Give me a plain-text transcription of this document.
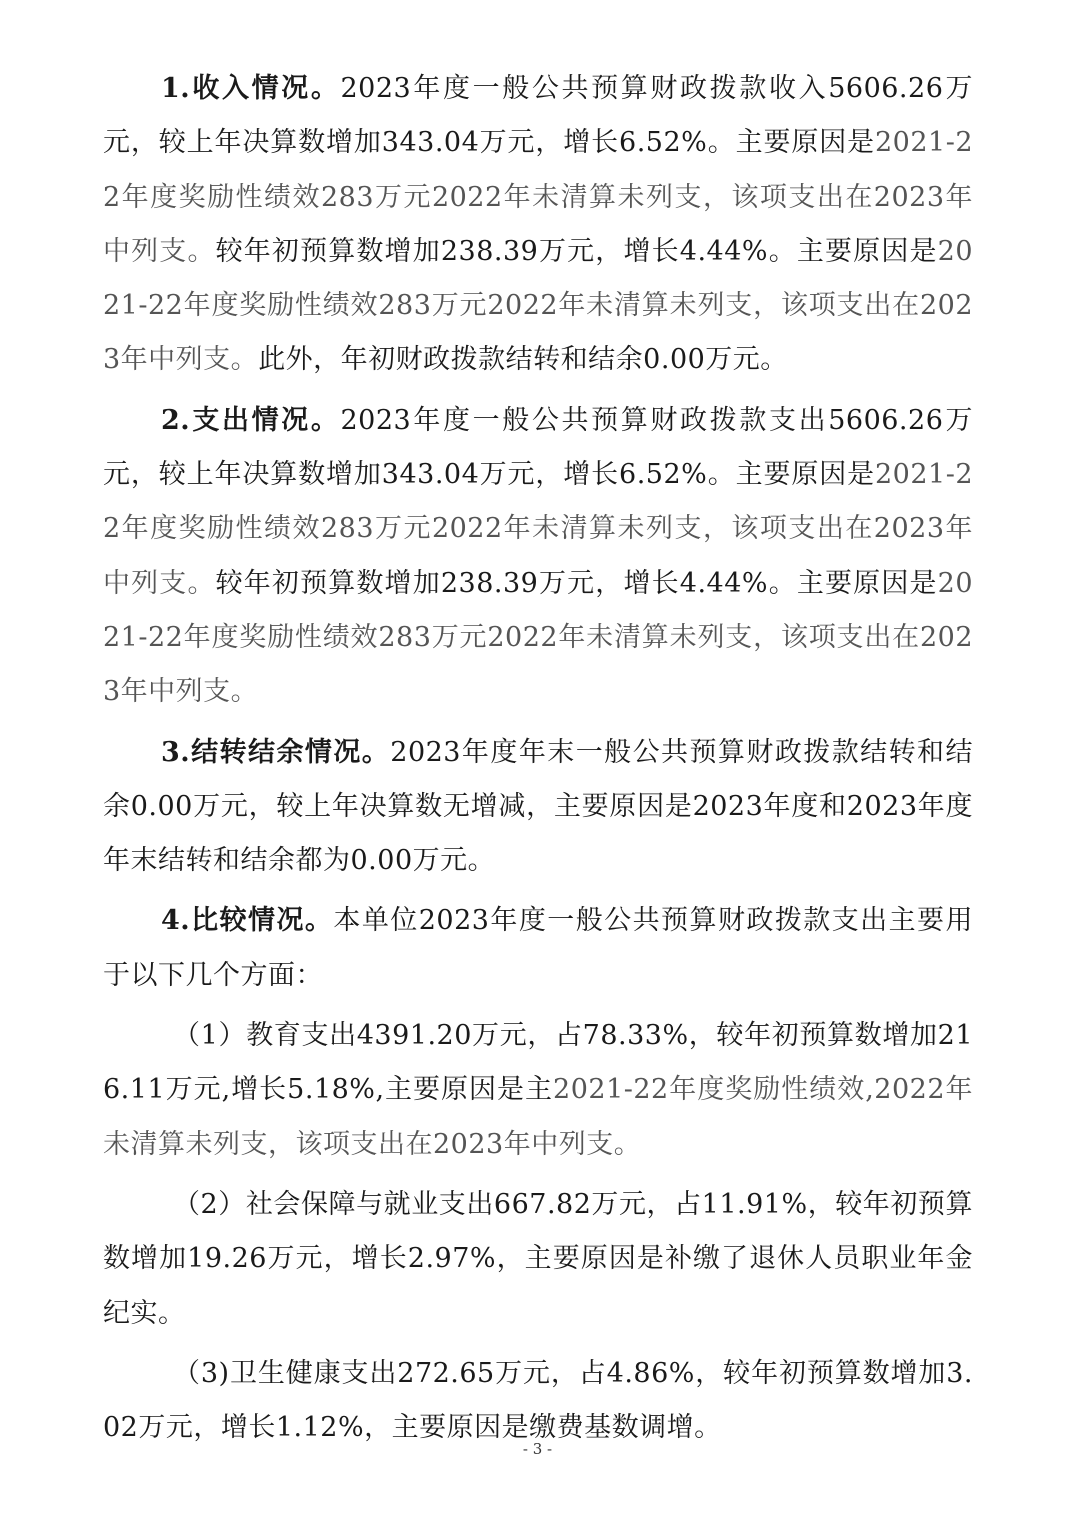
1.收入情况。2023年度一般公共预算财政拨款收入5606.26万元，较上年决算数增加343.04万元，增长6.52%。主要原因是2021-22年度奖励性绩效283万元2022年未清算未列支，该项支出在2023年中列支。较年初预算数增加238.39万元，增长4.44%。主要原因是2021-22年度奖励性绩效283万元2022年未清算未列支，该项支出在2023年中列支。此外，年初财政拨款结转和结余0.00万元。

2.支出情况。2023年度一般公共预算财政拨款支出5606.26万元，较上年决算数增加343.04万元，增长6.52%。主要原因是2021-22年度奖励性绩效283万元2022年未清算未列支，该项支出在2023年中列支。较年初预算数增加238.39万元，增长4.44%。主要原因是2021-22年度奖励性绩效283万元2022年未清算未列支，该项支出在2023年中列支。

3.结转结余情况。2023年度年末一般公共预算财政拨款结转和结余0.00万元，较上年决算数无增减，主要原因是2023年度和2023年度年末结转和结余都为0.00万元。

4.比较情况。本单位2023年度一般公共预算财政拨款支出主要用于以下几个方面：

（1）教育支出4391.20万元，占78.33%，较年初预算数增加216.11万元,增长5.18%,主要原因是主2021-22年度奖励性绩效,2022年未清算未列支，该项支出在2023年中列支。

（2）社会保障与就业支出667.82万元，占11.91%，较年初预算数增加19.26万元，增长2.97%，主要原因是补缴了退休人员职业年金纪实。

（3)卫生健康支出272.65万元，占4.86%，较年初预算数增加3.02万元，增长1.12%，主要原因是缴费基数调增。

- 3 -
